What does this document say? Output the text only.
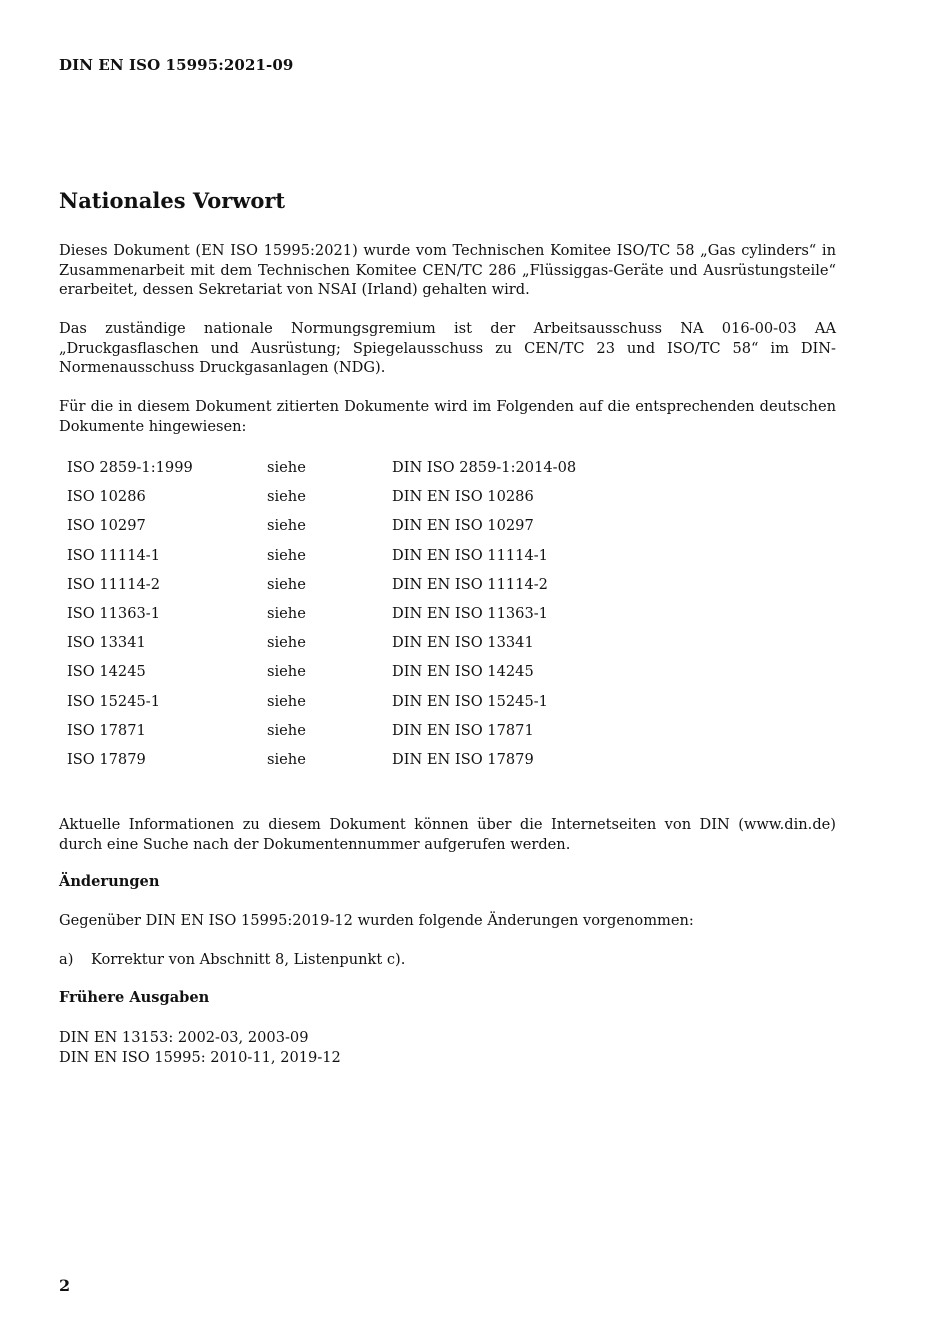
DIN EN ISO 15995:2021-09
Nationales Vorwort

Dieses Dokument (EN ISO 15995:2021) wurde vom Technischen Komitee ISO/TC 58 „Gas cylinders“ in Zusammenarbeit mit dem Technischen Komitee CEN/TC 286 „Flüssiggas-Geräte und Ausrüstungsteile“ erarbeitet, dessen Sekretariat von NSAI (Irland) gehalten wird.

Das zuständige nationale Normungsgremium ist der Arbeitsausschuss NA 016-00-03 AA „Druckgasflaschen und Ausrüstung; Spiegelausschuss zu CEN/TC 23 und ISO/TC 58“ im DIN-Normenausschuss Druckgasanlagen (NDG).

Für die in diesem Dokument zitierten Dokumente wird im Folgenden auf die entsprechenden deutschen Dokumente hingewiesen:

ISO 2859-1:1999	siehe	DIN ISO 2859-1:2014-08
ISO 10286	siehe	DIN EN ISO 10286
ISO 10297	siehe	DIN EN ISO 10297
ISO 11114-1	siehe	DIN EN ISO 11114-1
ISO 11114-2	siehe	DIN EN ISO 11114-2
ISO 11363-1	siehe	DIN EN ISO 11363-1
ISO 13341	siehe	DIN EN ISO 13341
ISO 14245	siehe	DIN EN ISO 14245
ISO 15245-1	siehe	DIN EN ISO 15245-1
ISO 17871	siehe	DIN EN ISO 17871
ISO 17879	siehe	DIN EN ISO 17879

Aktuelle Informationen zu diesem Dokument können über die Internetseiten von DIN (www.din.de) durch eine Suche nach der Dokumentennummer aufgerufen werden.

Änderungen

Gegenüber DIN EN ISO 15995:2019-12 wurden folgende Änderungen vorgenommen:

a) Korrektur von Abschnitt 8, Listenpunkt c).
Frühere Ausgaben
DIN EN 13153: 2002-03, 2003-09
DIN EN ISO 15995: 2010-11, 2019-12
2
